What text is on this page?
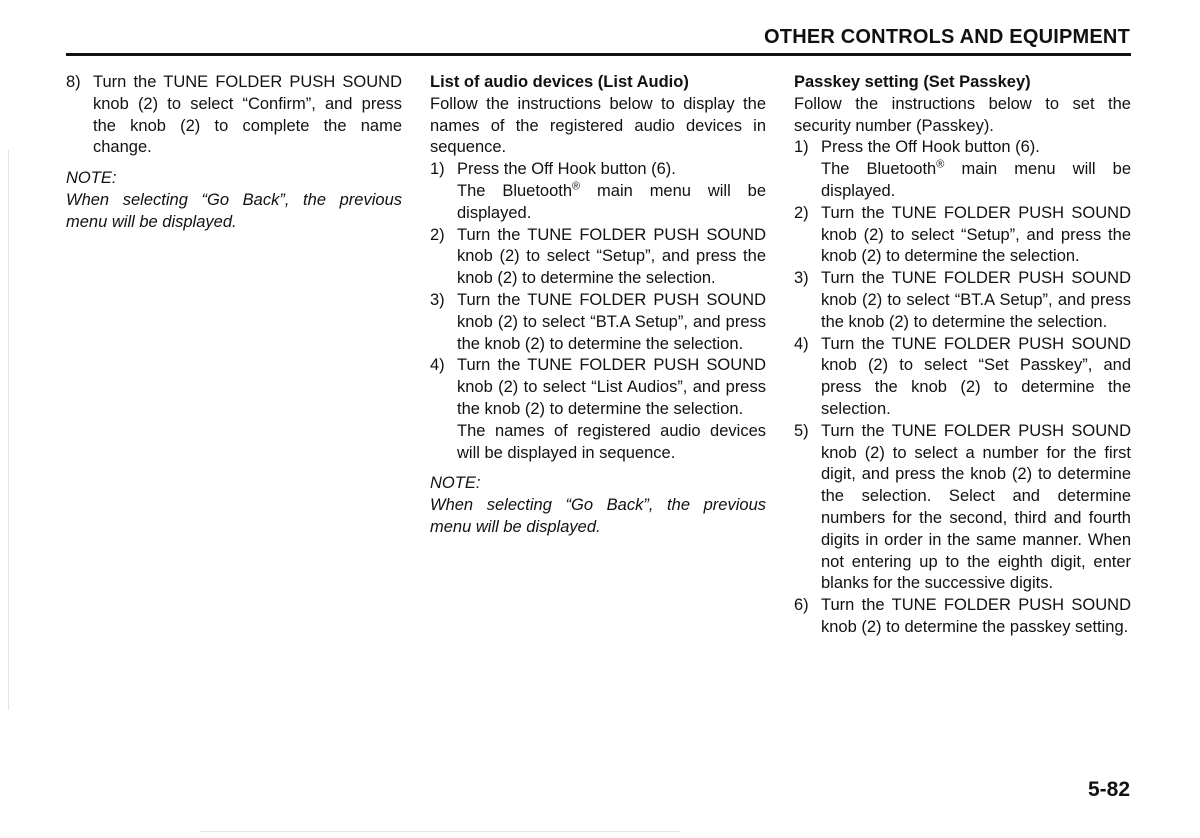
OTHER CONTROLS AND EQUIPMENT
8) Turn the TUNE FOLDER PUSH SOUND knob (2) to select “Confirm”, and press the knob (2) to complete the name change.
NOTE:

When selecting “Go Back”, the previous menu will be displayed.

List of audio devices (List Audio)

Follow the instructions below to display the names of the registered audio devices in sequence.

1) Press the Off Hook button (6).
The Bluetooth® main menu will be displayed.
2) Turn the TUNE FOLDER PUSH SOUND knob (2) to select “Setup”, and press the knob (2) to determine the selection.
3) Turn the TUNE FOLDER PUSH SOUND knob (2) to select “BT.A Setup”, and press the knob (2) to determine the selection.
4) Turn the TUNE FOLDER PUSH SOUND knob (2) to select “List Audios”, and press the knob (2) to determine the selection.
The names of registered audio devices will be displayed in sequence.
NOTE:

When selecting “Go Back”, the previous menu will be displayed.

Passkey setting (Set Passkey)

Follow the instructions below to set the security number (Passkey).

1) Press the Off Hook button (6).
The Bluetooth® main menu will be displayed.
2) Turn the TUNE FOLDER PUSH SOUND knob (2) to select “Setup”, and press the knob (2) to determine the selection.
3) Turn the TUNE FOLDER PUSH SOUND knob (2) to select “BT.A Setup”, and press the knob (2) to determine the selection.
4) Turn the TUNE FOLDER PUSH SOUND knob (2) to select “Set Passkey”, and press the knob (2) to determine the selection.
5) Turn the TUNE FOLDER PUSH SOUND knob (2) to select a number for the first digit, and press the knob (2) to determine the selection. Select and determine numbers for the second, third and fourth digits in order in the same manner. When not entering up to the eighth digit, enter blanks for the successive digits.
6) Turn the TUNE FOLDER PUSH SOUND knob (2) to determine the passkey setting.
5-82
